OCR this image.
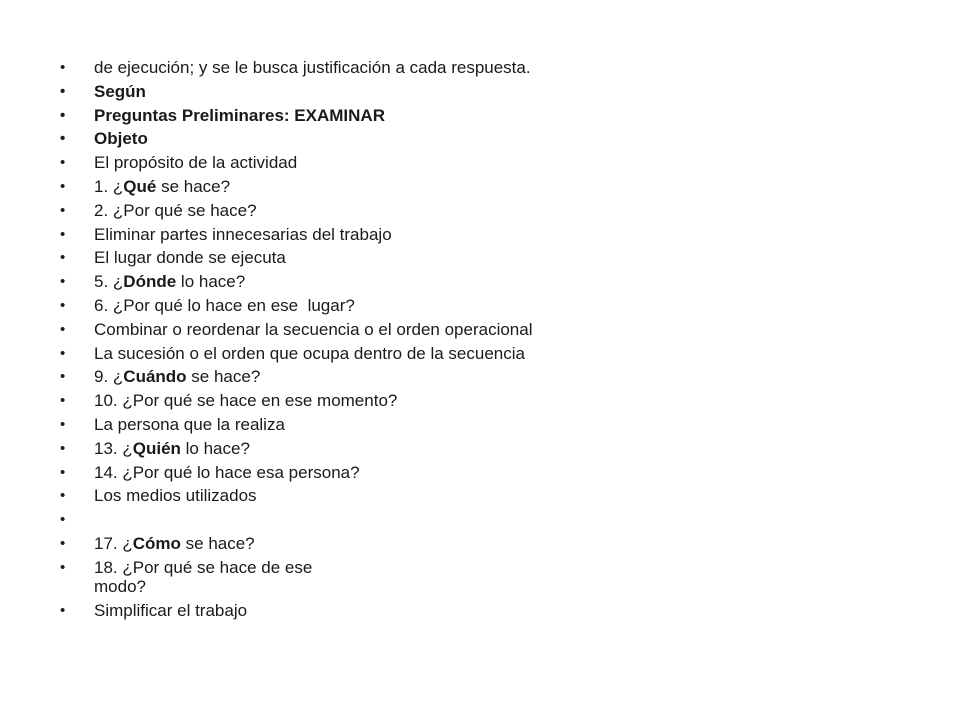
• de ejecución; y se le busca justificación a cada respuesta.
• Según
• Preguntas Preliminares: EXAMINAR
• Objeto
• El propósito de la actividad
• 1. ¿Qué se hace?
• 2. ¿Por qué se hace?
• Eliminar partes innecesarias del trabajo
• El lugar donde se ejecuta
• 5. ¿Dónde lo hace?
• 6. ¿Por qué lo hace en ese  lugar?
• Combinar o reordenar la secuencia o el orden operacional
• La sucesión o el orden que ocupa dentro de la secuencia
• 9. ¿Cuándo se hace?
• 10. ¿Por qué se hace en ese momento?
• La persona que la realiza
• 13. ¿Quién lo hace?
• 14. ¿Por qué lo hace esa persona?
• Los medios utilizados
•
• 17. ¿Cómo se hace?
• 18. ¿Por qué se hace de ese modo?
• Simplificar el trabajo
